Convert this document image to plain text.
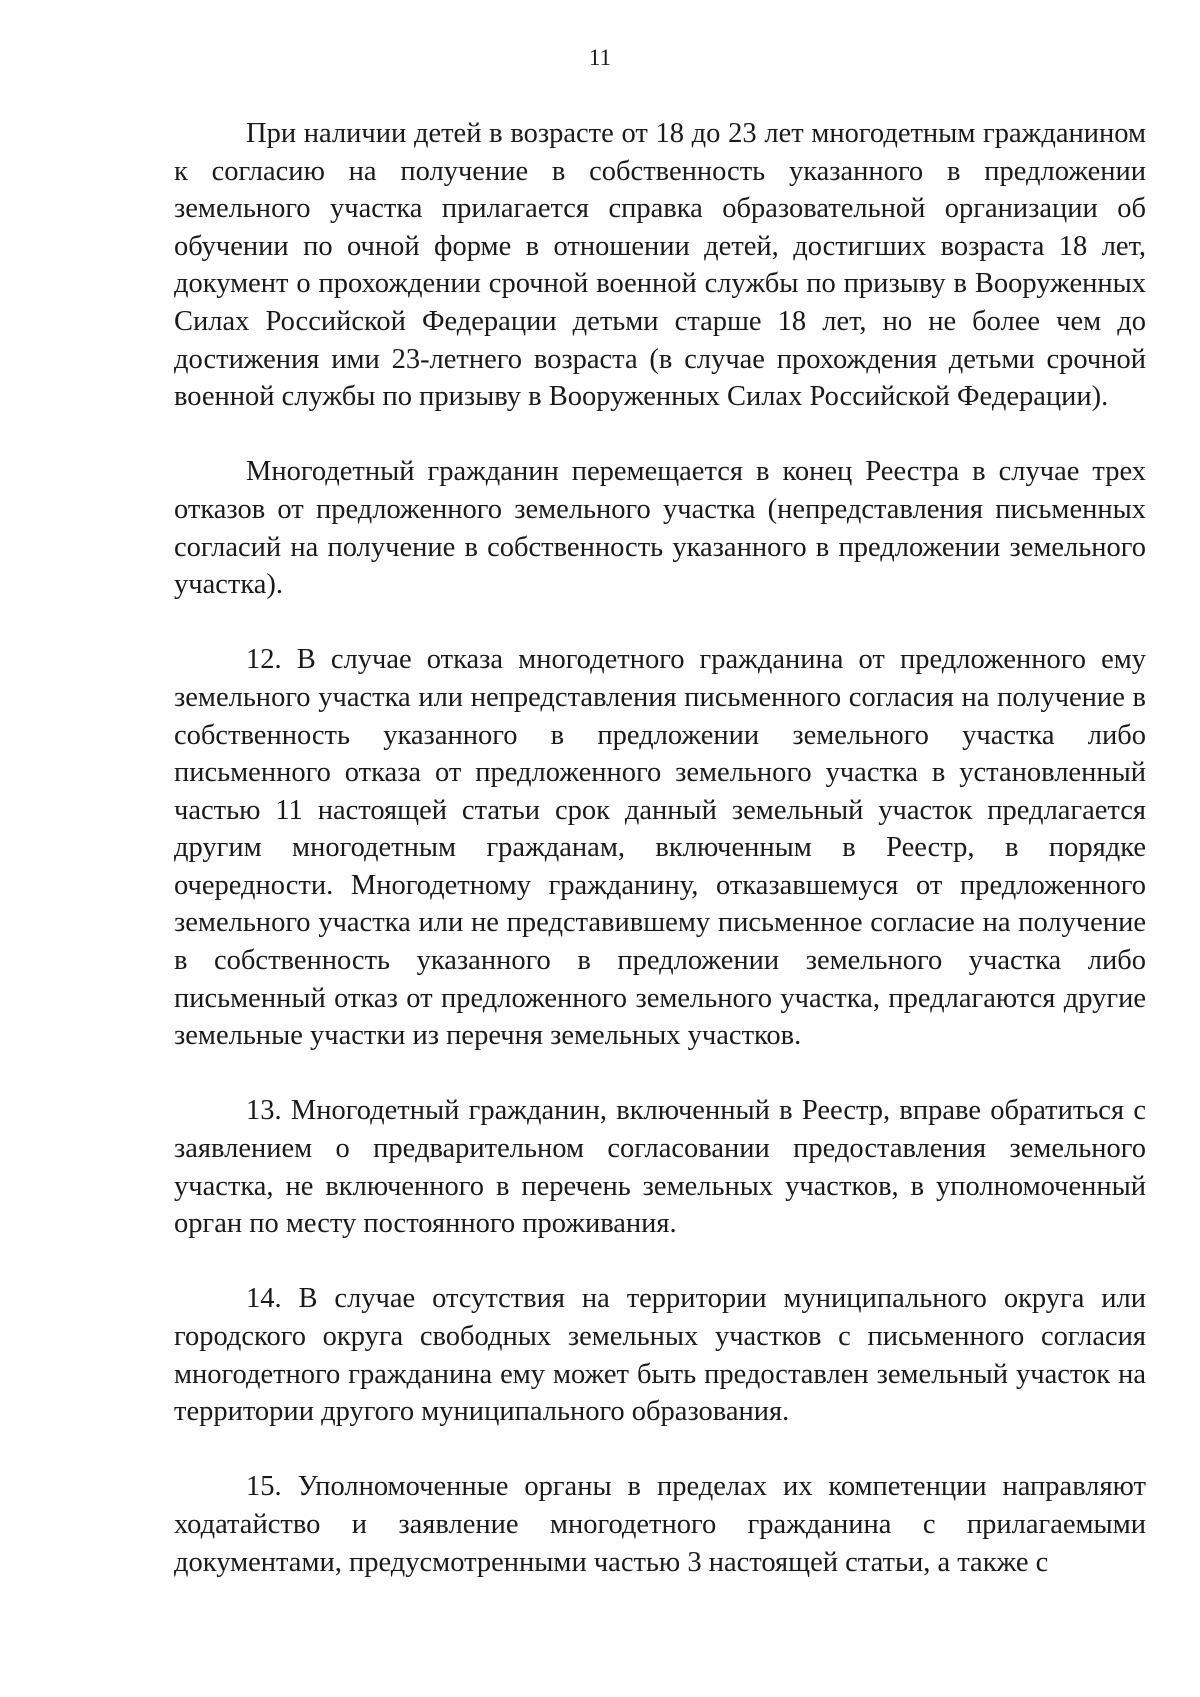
11

При наличии детей в возрасте от 18 до 23 лет многодетным гражданином к согласию на получение в собственность указанного в предложении земельного участка прилагается справка образовательной организации об обучении по очной форме в отношении детей, достигших возраста 18 лет, документ о прохождении срочной военной службы по призыву в Вооруженных Силах Российской Федерации детьми старше 18 лет, но не более чем до достижения ими 23-летнего возраста (в случае прохождения детьми срочной военной службы по призыву в Вооруженных Силах Российской Федерации).

Многодетный гражданин перемещается в конец Реестра в случае трех отказов от предложенного земельного участка (непредставления письменных согласий на получение в собственность указанного в предложении земельного участка).

12. В случае отказа многодетного гражданина от предложенного ему земельного участка или непредставления письменного согласия на получение в собственность указанного в предложении земельного участка либо письменного отказа от предложенного земельного участка в установленный частью 11 настоящей статьи срок данный земельный участок предлагается другим многодетным гражданам, включенным в Реестр, в порядке очередности. Многодетному гражданину, отказавшемуся от предложенного земельного участка или не представившему письменное согласие на получение в собственность указанного в предложении земельного участка либо письменный отказ от предложенного земельного участка, предлагаются другие земельные участки из перечня земельных участков.

13. Многодетный гражданин, включенный в Реестр, вправе обратиться с заявлением о предварительном согласовании предоставления земельного участка, не включенного в перечень земельных участков, в уполномоченный орган по месту постоянного проживания.

14. В случае отсутствия на территории муниципального округа или городского округа свободных земельных участков с письменного согласия многодетного гражданина ему может быть предоставлен земельный участок на территории другого муниципального образования.

15. Уполномоченные органы в пределах их компетенции направляют ходатайство и заявление многодетного гражданина с прилагаемыми документами, предусмотренными частью 3 настоящей статьи, а также с
